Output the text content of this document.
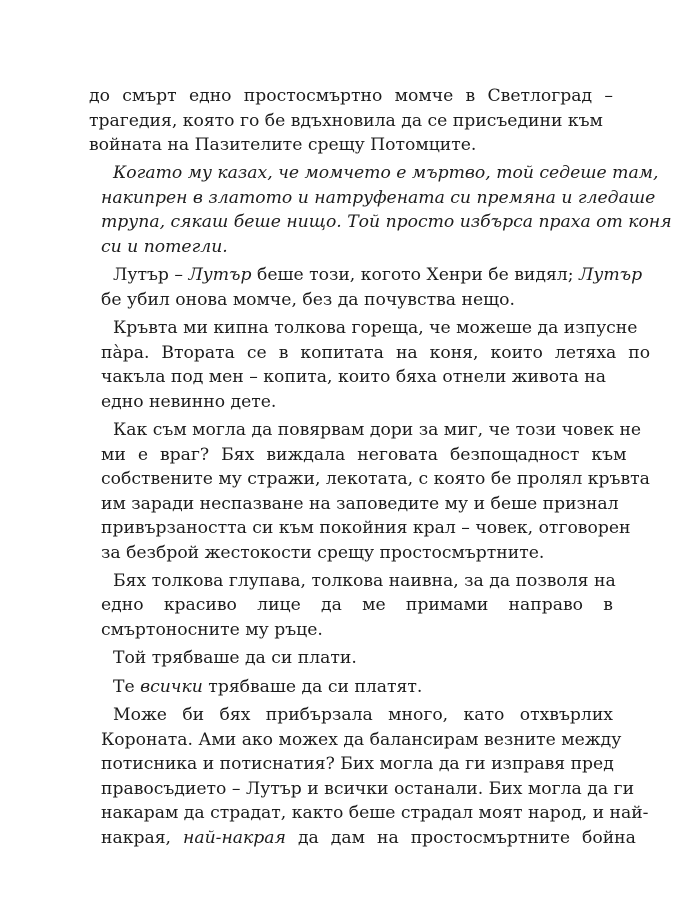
до смърт едно простосмъртно момче в Светлоград –
трагедия, която го бе вдъхновила да се присъедини към
войната на Пазителите срещу Потомците.
Когато му казах, че момчето е мъртво, той седеше там,
накипрен в златото и натруфената си премяна и гледаше
трупа, сякаш беше нищо. Той просто избърса праха от коня
си и потегли.
Лутър – Лутър беше този, когото Хенри бе видял; Лутър
бе убил онова момче, без да почувства нещо.
Кръвта ми кипна толкова гореща, че можеше да изпусне
пàра. Втората се в копитата на коня, които летяха по
чакъла под мен – копита, които бяха отнели живота на
едно невинно дете.
Как съм могла да повярвам дори за миг, че този човек не
ми е враг? Бях виждала неговата безпощадност към
собствените му стражи, лекотата, с която бе пролял кръвта
им заради неспазване на заповедите му и беше признал
привързаността си към покойния крал – човек, отговорен
за безброй жестокости срещу простосмъртните.
Бях толкова глупава, толкова наивна, за да позволя на
едно	красиво	лице	да	ме	примами	направо	в
смъртоносните му ръце.
Той трябваше да си плати.
Те всички трябваше да си платят.
Може би бях прибързала много, като отхвърлих
Короната. Ами ако можех да балансирам везните между
потисника и потиснатия? Бих могла да ги изправя пред
правосъдието – Лутър и всички останали. Бих могла да ги
накарам да страдат, както беше страдал моят народ, и най-
накрая, най-накрая да дам на простосмъртните бойна
